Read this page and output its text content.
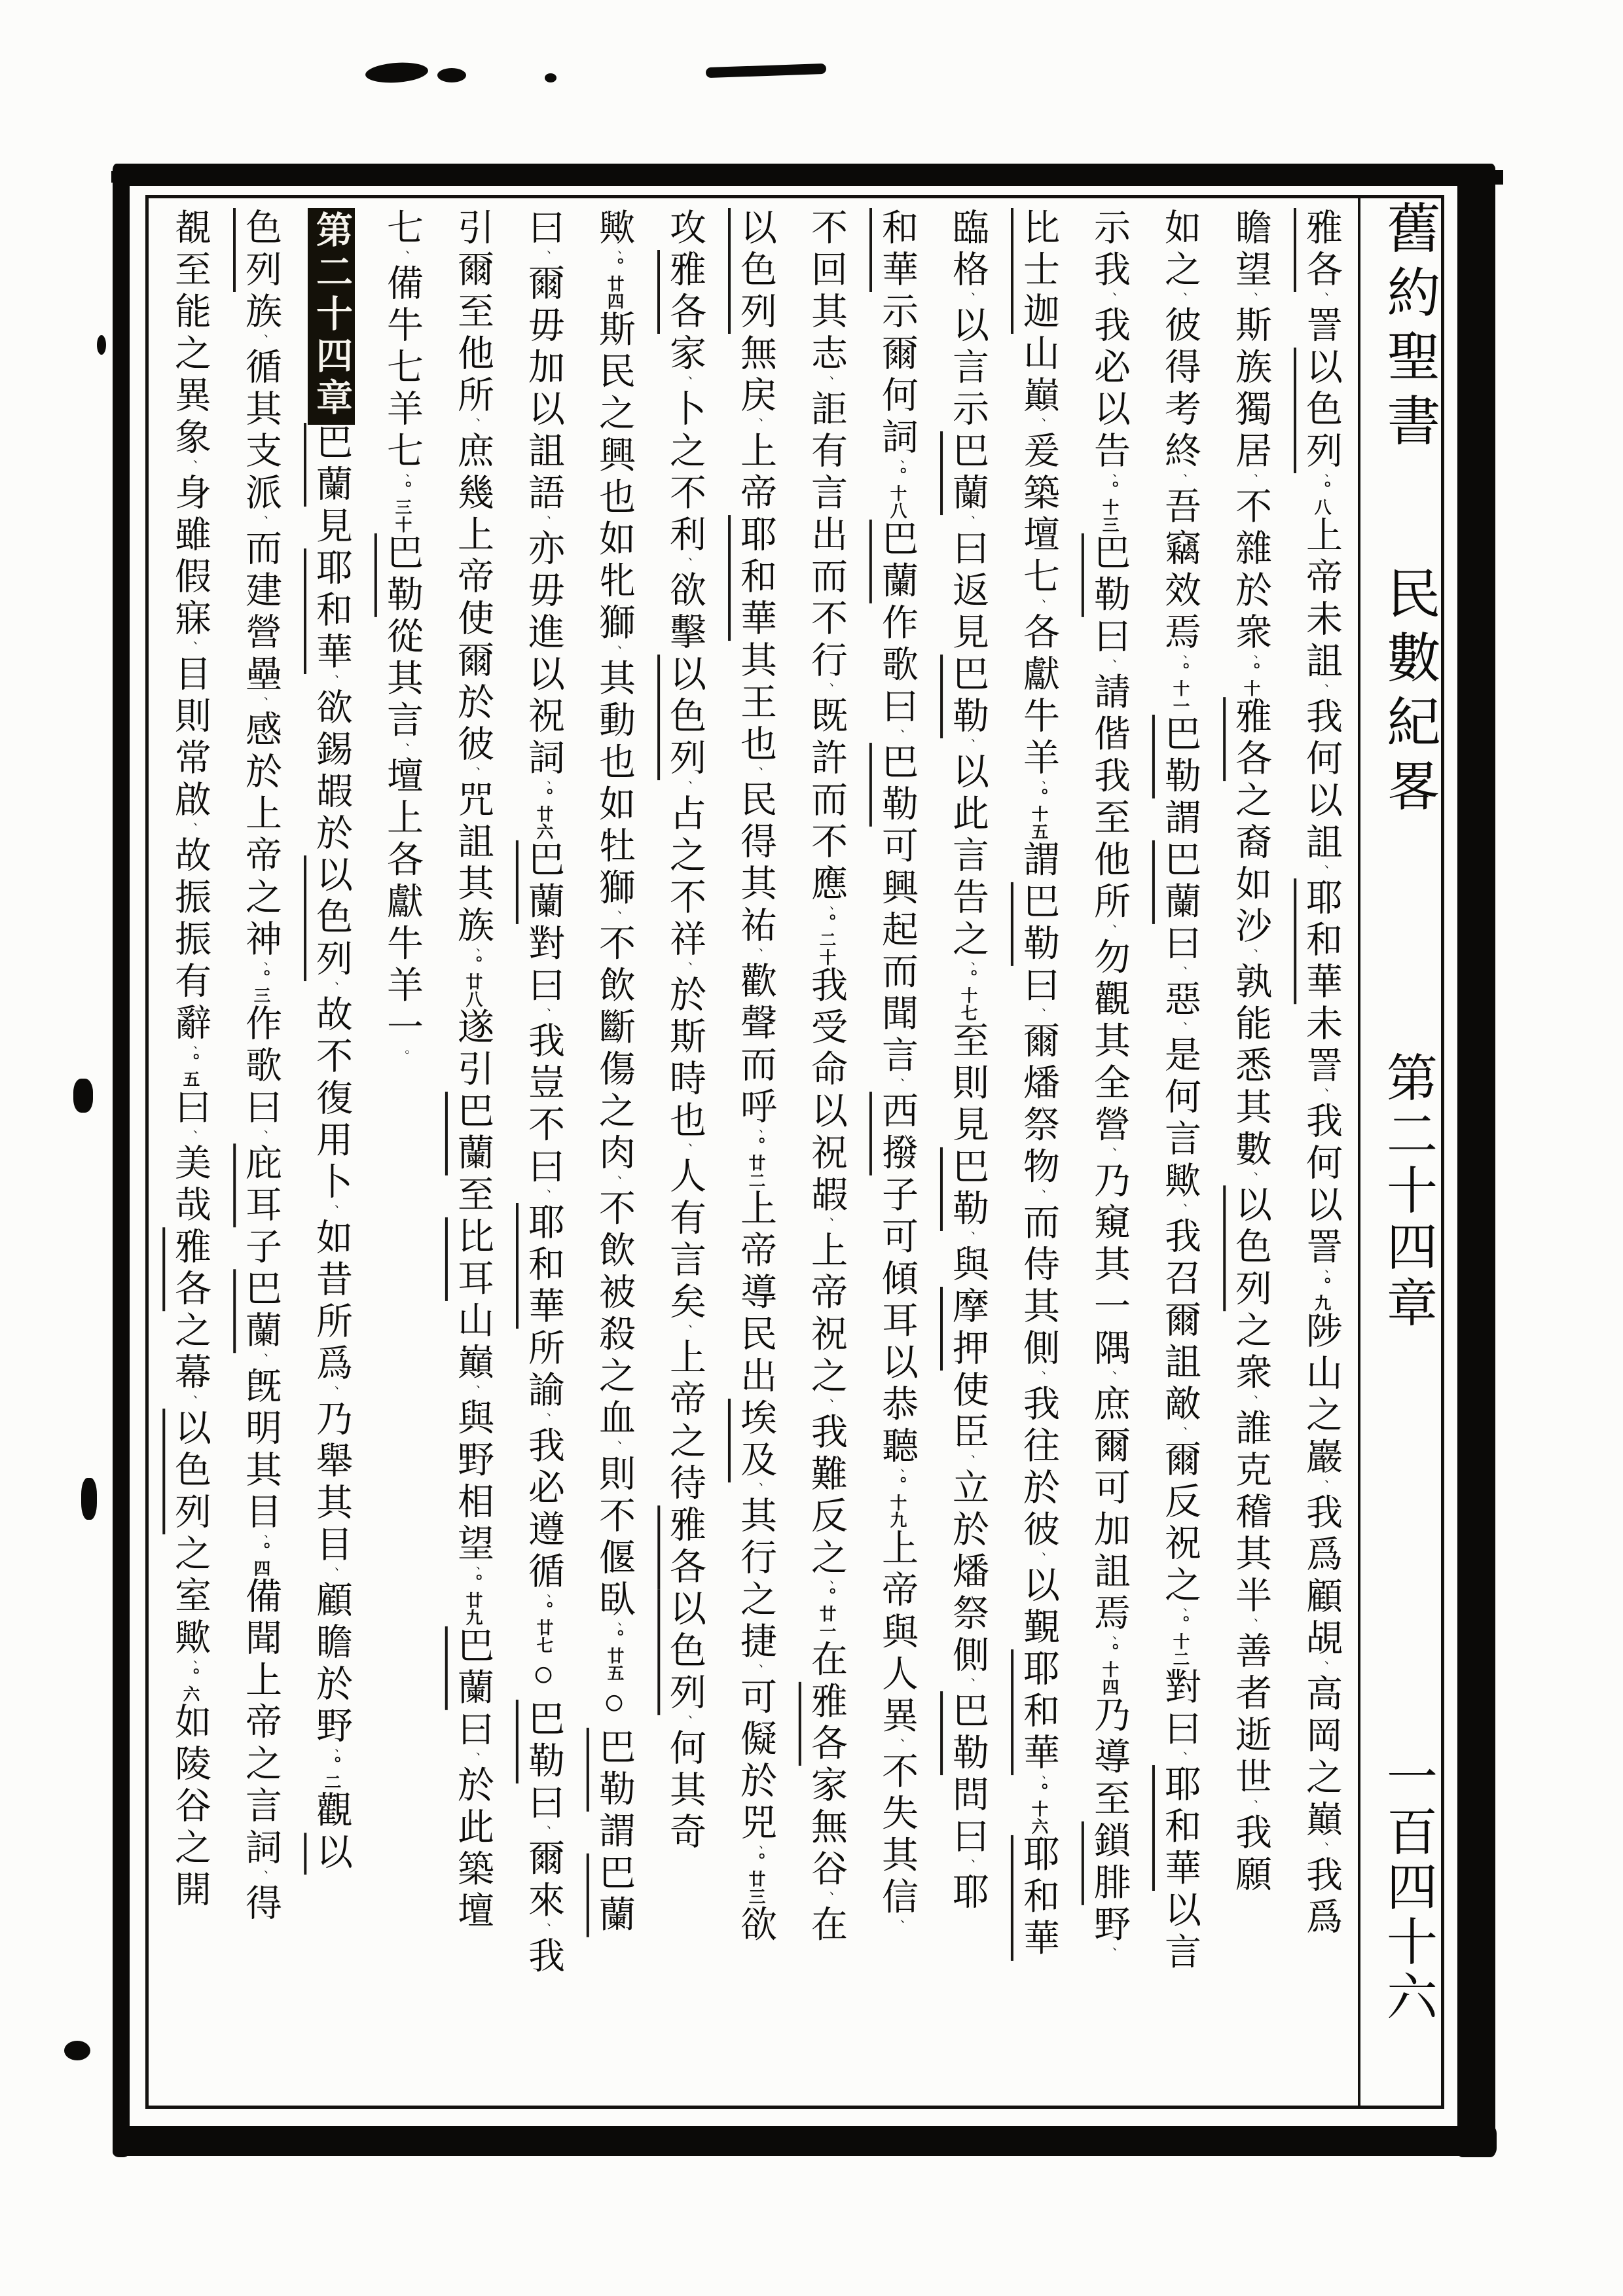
舊約聖書
民數紀畧
第二十四章
一百四十六
雅各、詈以色列、。八上帝未詛、我何以詛、耶和華未詈、我何以詈、。九陟山之巖、我爲顧覘、高岡之巔、我爲
瞻望、斯族獨居、不雜於衆、。十雅各之裔如沙、孰能悉其數、以色列之衆、誰克稽其半、善者逝世、我願
如之、彼得考終、吾竊效焉、。十一巴勒謂巴蘭曰、惡、是何言歟、我召爾詛敵、爾反祝之、。十二對曰、耶和華以言
示我、我必以告、。十三巴勒曰、請偕我至他所、勿觀其全營、乃窺其一隅、庶爾可加詛焉、。十四乃導至鎖腓野、
比士迦山巔、爰築壇七、各獻牛羊、。十五謂巴勒曰、爾燔祭物、而侍其側、我往於彼、以覲耶和華、。十六耶和華
臨格、以言示巴蘭、曰返見巴勒、以此言告之、。十七至則見巴勒、與摩押使臣、立於燔祭側、巴勒問曰、耶
和華示爾何詞、。十八巴蘭作歌曰、巴勒可興起而聞言、西撥子可傾耳以恭聽、。十九上帝與人異、不失其信、
不回其志、詎有言出而不行、既許而不應、。二十我受命以祝嘏、上帝祝之、我難反之、。廿一在雅各家無谷、在
以色列無戻、上帝耶和華其王也、民得其祐、歡聲而呼、。廿二上帝導民出埃及、其行之捷、可儗於兕、。廿三欲
攻雅各家、卜之不利、欲擊以色列、占之不祥、於斯時也、人有言矣、上帝之待雅各以色列、何其奇
歟、。廿四斯民之興也如牝獅、其動也如牡獅、不飲斷傷之肉、不飲被殺之血、則不偃臥、。廿五○巴勒謂巴蘭
曰、爾毋加以詛語、亦毋進以祝詞、。廿六巴蘭對曰、我豈不曰、耶和華所諭、我必遵循、。廿七○巴勒曰、爾來、我
引爾至他所、庶幾上帝使爾於彼、咒詛其族、。廿八遂引巴蘭至比耳山巔、與野相望、。廿九巴蘭曰、於此築壇
七、備牛七羊七、。三十巴勒從其言、壇上各獻牛羊一。
第二十四章巴蘭見耶和華、欲錫嘏於以色列、故不復用卜、如昔所爲、乃舉其目、顧瞻於野、。二觀以
色列族、循其支派、而建營壘、感於上帝之神、。三作歌曰、庇耳子巴蘭、旣明其目、。四備聞上帝之言詞、得
覩至能之異象、身雖假寐、目則常啟、故振振有辭、。五曰、美哉雅各之幕、以色列之室歟、。六如陵谷之開
